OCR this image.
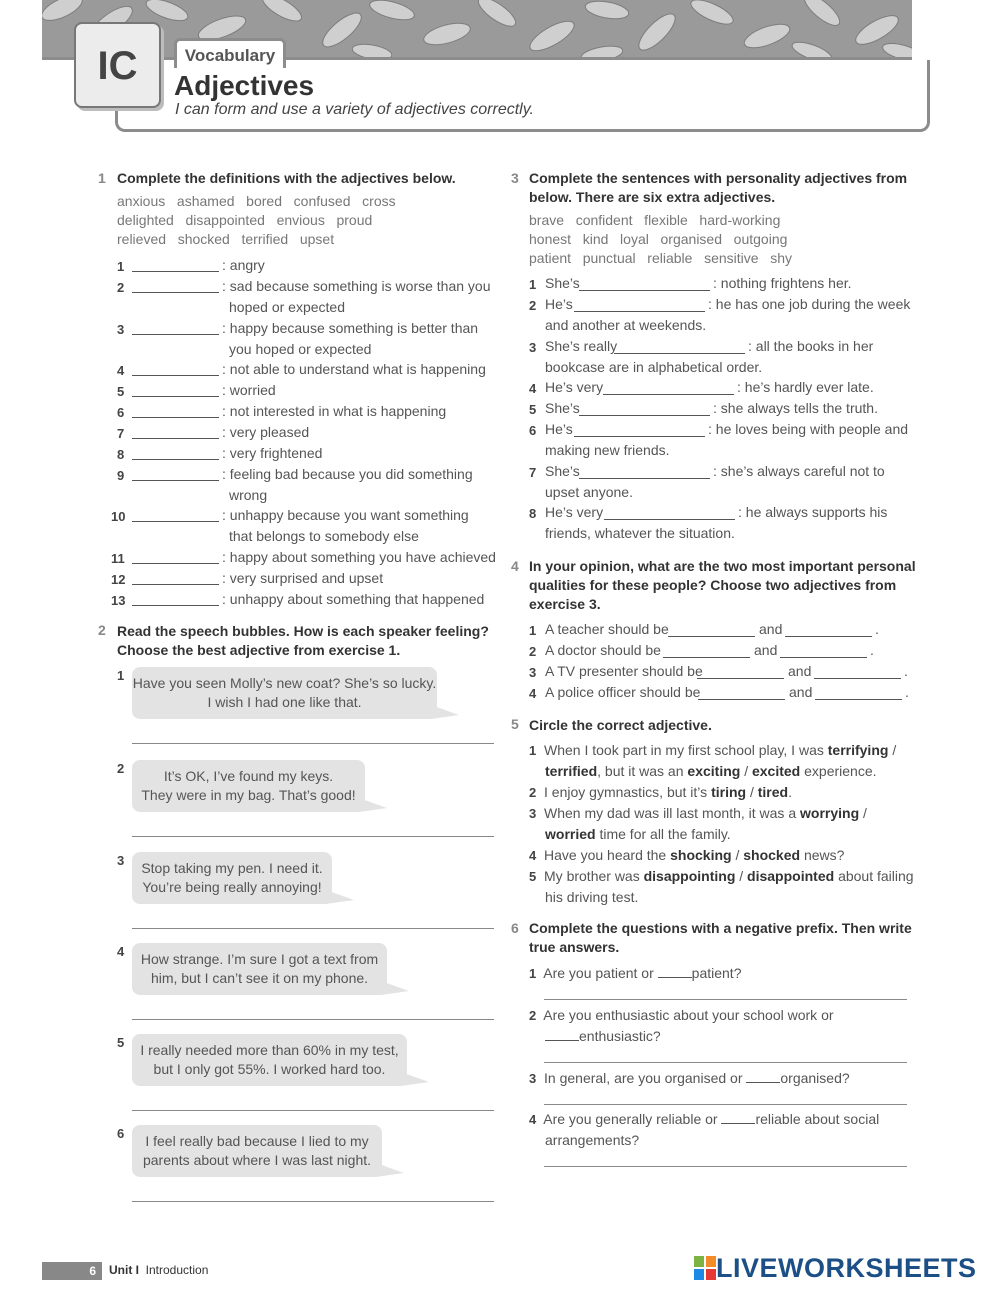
IC	Vocabulary
Adjectives
I can form and use a variety of adjectives correctly.
1 Complete the definitions with the adjectives below.
anxious   ashamed   bored   confused   cross
delighted   disappointed   envious   proud
relieved   shocked   terrified   upset
2 Read the speech bubbles. How is each speaker feeling?
Choose the best adjective from exercise 1.
3 Complete the sentences with personality adjectives from
below. There are six extra adjectives.
brave   confident   flexible   hard-working
honest   kind   loyal   organised   outgoing
patient   punctual   reliable   sensitive   shy
4 In your opinion, what are the two most important personal
qualities for these people? Choose two adjectives from
exercise 3.
5 Circle the correct adjective.
1 When I took part in my first school play, I was terrifying /
terrified, but it was an exciting / excited experience.
2 I enjoy gymnastics, but it’s tiring / tired.
3 When my dad was ill last month, it was a worrying /
worried time for all the family.
4 Have you heard the shocking / shocked news?
5 My brother was disappointing / disappointed about failing
his driving test.
6 Complete the questions with a negative prefix. Then write
true answers.
1 Are you patient or	patient?
2 Are you enthusiastic about your school work or
enthusiastic?
3 In general, are you organised or	organised?
4 Are you generally reliable or	reliable about social
arrangements?
6	Unit I Introduction	LIVEWORKSHEETS
1	: angry
2	: sad because something is worse than you
hoped or expected
3	: happy because something is better than
you hoped or expected
4	: not able to understand what is happening
5	: worried
6	: not interested in what is happening
7	: very pleased
8	: very frightened
9	: feeling bad because you did something
wrong
10	: unhappy because you want something
that belongs to somebody else
11	: happy about something you have achieved
12	: very surprised and upset
13	: unhappy about something that happened
1 Have you seen Molly’s new coat? She’s so lucky.
I wish I had one like that.
2	It’s OK, I’ve found my keys.
They were in my bag. That’s good!
3	Stop taking my pen. I need it.
You’re being really annoying!
4	How strange. I’m sure I got a text from
him, but I can’t see it on my phone.
5	I really needed more than 60% in my test,
but I only got 55%. I worked hard too.
6	I feel really bad because I lied to my
parents about where I was last night.
1 She’s	: nothing frightens her.
2 He’s	: he has one job during the week
and another at weekends.
3 She’s really	: all the books in her
bookcase are in alphabetical order.
4 He’s very	: he’s hardly ever late.
5 She’s	: she always tells the truth.
6 He’s	: he loves being with people and
making new friends.
7 She’s	: she’s always careful not to
upset anyone.
8 He’s very	: he always supports his
friends, whatever the situation.
1 A teacher should be	and	.
2 A doctor should be	and	.
3 A TV presenter should be	and	.
4 A police officer should be	and	.
